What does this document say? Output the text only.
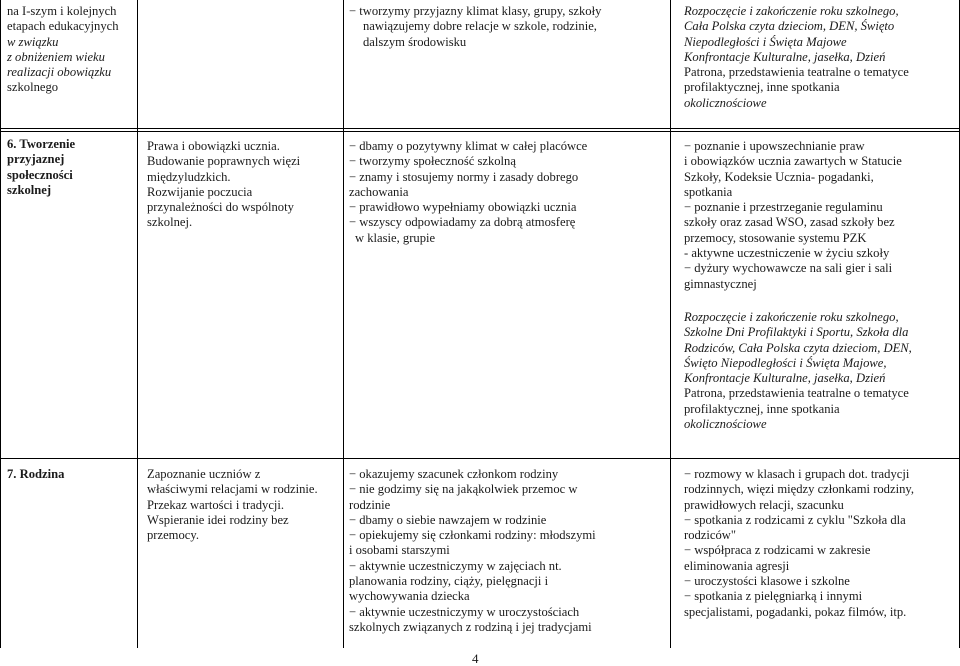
na I-szym i kolejnych
etapach edukacyjnych
w związku
z obniżeniem wieku
realizacji obowiązku
szkolnego
− tworzymy przyjazny klimat klasy, grupy, szkoły
nawiązujemy dobre relacje w szkole, rodzinie,
dalszym środowisku
Rozpoczęcie i zakończenie roku szkolnego,
Cała Polska czyta dzieciom, DEN, Święto
Niepodległości i Święta Majowe
Konfrontacje Kulturalne, jasełka, Dzień
Patrona, przedstawienia teatralne o tematyce
profilaktycznej, inne spotkania
okolicznościowe
6. Tworzenie
przyjaznej
społeczności
szkolnej
Prawa i obowiązki ucznia.
Budowanie poprawnych więzi
międzyludzkich.
Rozwijanie poczucia
przynależności do wspólnoty
szkolnej.
− dbamy o pozytywny klimat w całej placówce
− tworzymy społeczność szkolną
− znamy i stosujemy normy i zasady dobrego
zachowania
− prawidłowo wypełniamy obowiązki ucznia
− wszyscy odpowiadamy za dobrą atmosferę
w klasie, grupie
− poznanie i upowszechnianie praw
i obowiązków ucznia zawartych w Statucie
Szkoły, Kodeksie Ucznia- pogadanki,
spotkania
− poznanie i przestrzeganie regulaminu
szkoły oraz zasad WSO, zasad szkoły bez
przemocy, stosowanie systemu PZK
- aktywne uczestniczenie w życiu szkoły
− dyżury wychowawcze na sali gier i sali
gimnastycznej
Rozpoczęcie i zakończenie roku szkolnego,
Szkolne Dni Profilaktyki i Sportu, Szkoła dla
Rodziców, Cała Polska czyta dzieciom, DEN,
Święto Niepodległości i Święta Majowe,
Konfrontacje Kulturalne, jasełka, Dzień
Patrona, przedstawienia teatralne o tematyce
profilaktycznej, inne spotkania
okolicznościowe
7. Rodzina	Zapoznanie uczniów z
właściwymi relacjami w rodzinie.
Przekaz wartości i tradycji.
Wspieranie idei rodziny bez
przemocy.
− okazujemy szacunek członkom rodziny
− nie godzimy się na jakąkolwiek przemoc w
rodzinie
− dbamy o siebie nawzajem w rodzinie
− opiekujemy się członkami rodziny: młodszymi
i osobami starszymi
− aktywnie uczestniczymy w zajęciach nt.
planowania rodziny, ciąży, pielęgnacji i
wychowywania dziecka
− aktywnie uczestniczymy w uroczystościach
szkolnych związanych z rodziną i jej tradycjami
− rozmowy w klasach i grupach dot. tradycji
rodzinnych, więzi między członkami rodziny,
prawidłowych relacji, szacunku
− spotkania z rodzicami z cyklu "Szkoła dla
rodziców"
− współpraca z rodzicami w zakresie
eliminowania agresji
− uroczystości klasowe i szkolne
− spotkania z pielęgniarką i innymi
specjalistami, pogadanki, pokaz filmów, itp.
4
